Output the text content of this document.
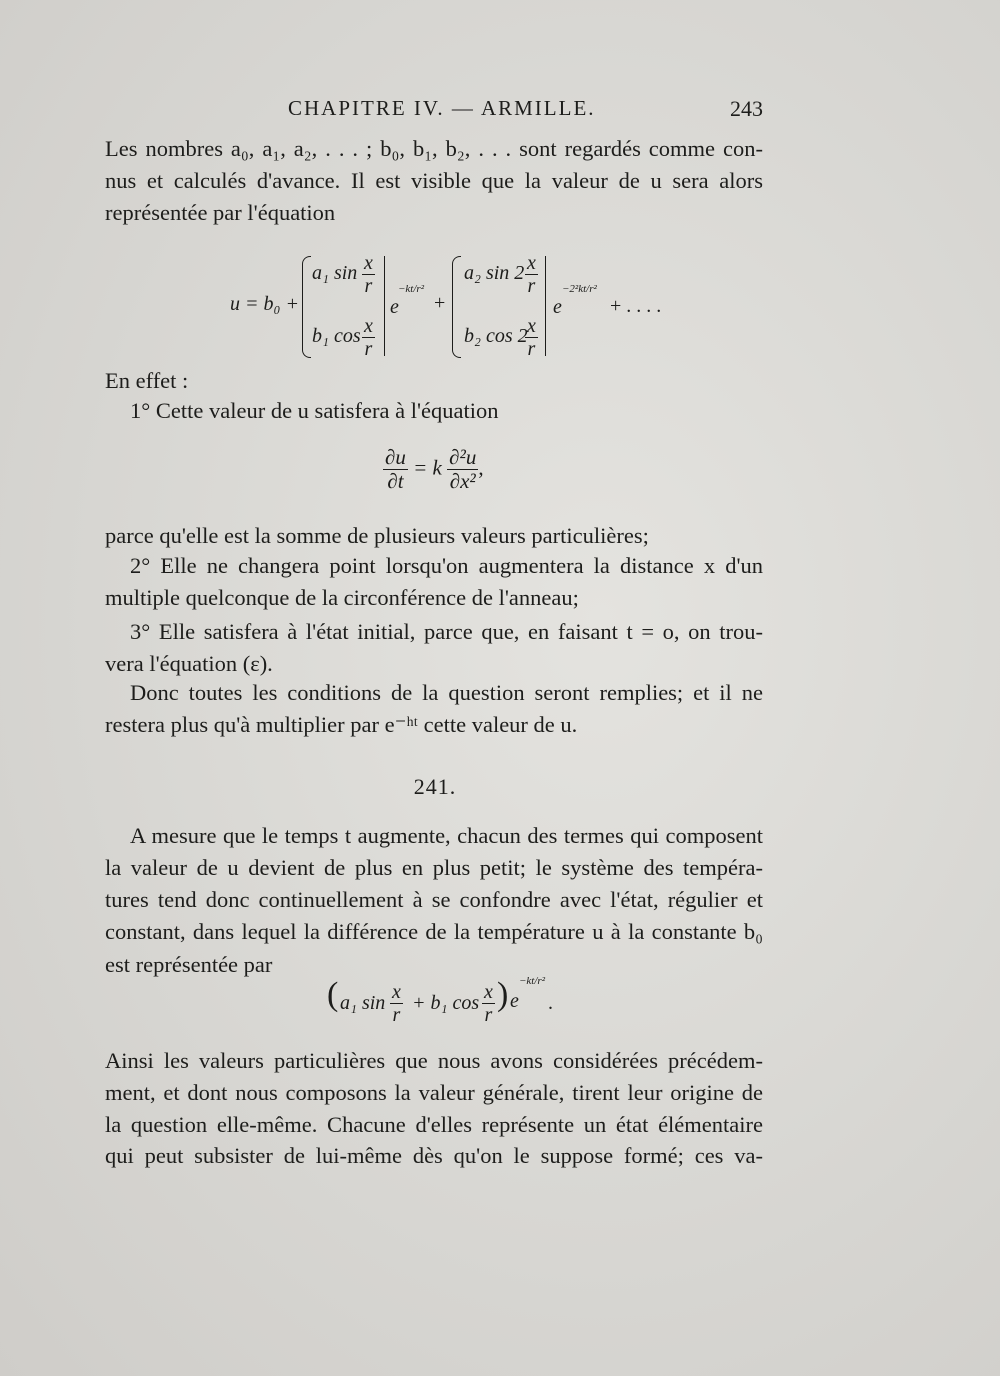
CHAPITRE IV. — ARMILLE.	243
Les nombres a₀, a₁, a₂, . . . ; b₀, b₁, b₂, . . . sont regardés comme con-
nus et calculés d'avance. Il est visible que la valeur de u sera alors
représentée par l'équation
u = b₀ +
a₁ $\sin \frac{x}{r}$
b₁ $\cos \frac{x}{r}$
e
−kt/r²
+
a₂ $\sin 2 \frac{x}{r}$
b₂ cos 2
$\frac{x}{r}$
e
−2²kt/r²
+ . . . .
En effet :
1° Cette valeur de u satisfera à l'équation
$\frac{\partial u}{\partial t} = k \frac{\text{∂²u}}{\text{∂x²}}$ ,
parce qu'elle est la somme de plusieurs valeurs particulières;
2° Elle ne changera point lorsqu'on augmentera la distance x d'un
multiple quelconque de la circonférence de l'anneau;
3° Elle satisfera à l'état initial, parce que, en faisant t = o, on trou-
vera l'équation (ε).
Donc toutes les conditions de la question seront remplies; et il ne
restera plus qu'à multiplier par e⁻ʰᵗ cette valeur de u.
241.
A mesure que le temps t augmente, chacun des termes qui composent
la valeur de u devient de plus en plus petit; le système des tempéra-
tures tend donc continuellement à se confondre avec l'état, régulier et
constant, dans lequel la différence de la température u à la constante b₀
est représentée par
( a₁ $\sin \frac{x}{r} + b_1$ $\cos \frac{x}{r}$ ) e
−kt/r²
.
Ainsi les valeurs particulières que nous avons considérées précédem-
ment, et dont nous composons la valeur générale, tirent leur origine de
la question elle-même. Chacune d'elles représente un état élémentaire
qui peut subsister de lui-même dès qu'on le suppose formé; ces va-
